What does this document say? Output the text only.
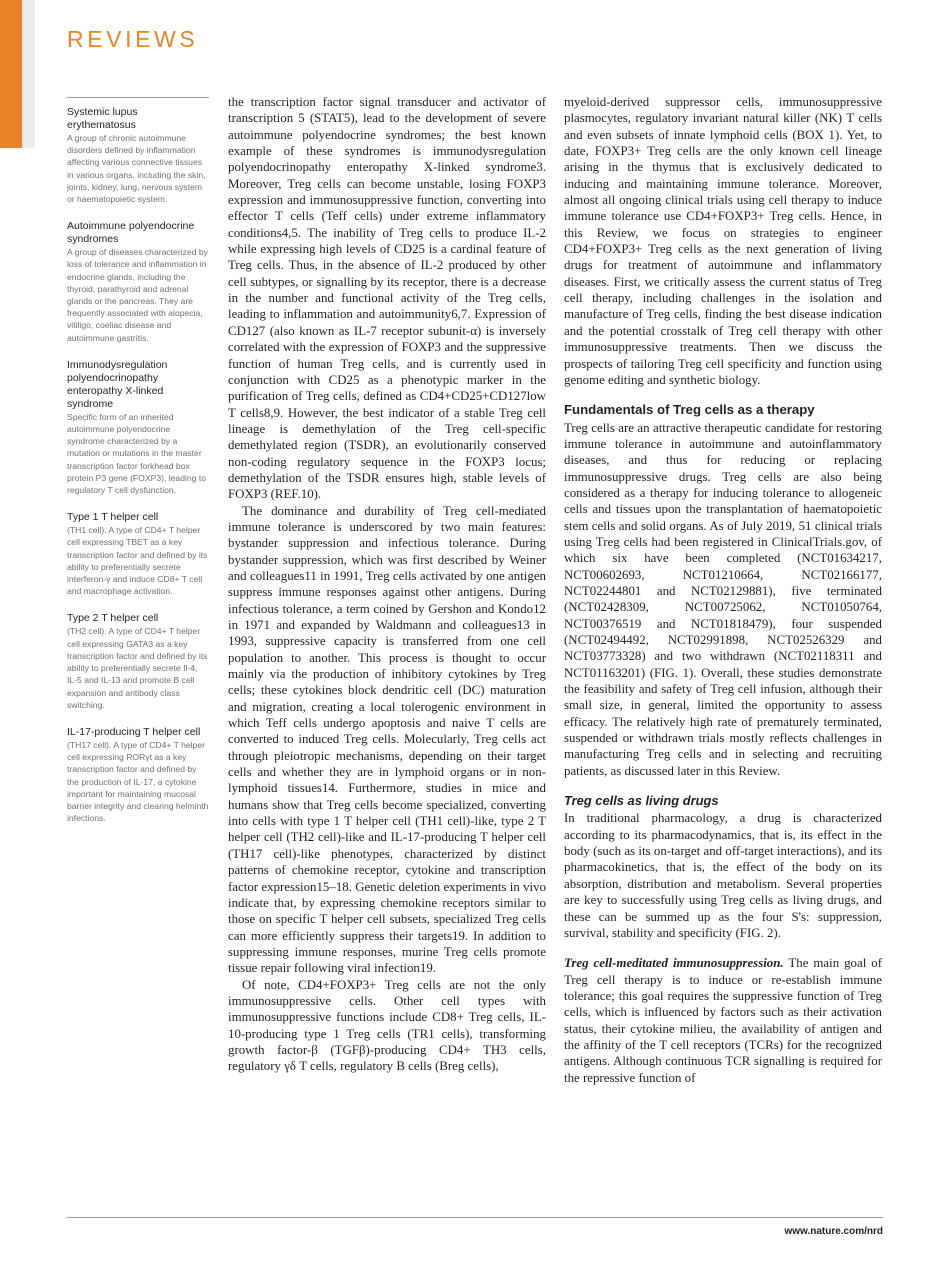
REVIEWS
Systemic lupus erythematosus
A group of chronic autoimmune disorders defined by inflammation affecting various connective tissues in various organs, including the skin, joints, kidney, lung, nervous system or haematopoietic system.
Autoimmune polyendocrine syndromes
A group of diseases characterized by loss of tolerance and inflammation in endocrine glands, including the thyroid, parathyroid and adrenal glands or the pancreas. They are frequently associated with alopecia, vitiligo, coeliac disease and autoimmune gastritis.
Immunodysregulation polyendocrinopathy enteropathy X-linked syndrome
Specific form of an inherited autoimmune polyendocrine syndrome characterized by a mutation or mutations in the master transcription factor forkhead box protein P3 gene (FOXP3), leading to regulatory T cell dysfunction.
Type 1 T helper cell
(TH1 cell). A type of CD4+ T helper cell expressing TBET as a key transcription factor and defined by its ability to preferentially secrete interferon-γ and induce CD8+ T cell and macrophage activation.
Type 2 T helper cell
(TH2 cell). A type of CD4+ T helper cell expressing GATA3 as a key transcription factor and defined by its ability to preferentially secrete Il-4, IL-5 and IL-13 and promote B cell expansion and antibody class switching.
IL-17-producing T helper cell
(TH17 cell). A type of CD4+ T helper cell expressing RORγt as a key transcription factor and defined by the production of IL-17, a cytokine important for maintaining mucosal barrier integrity and clearing helminth infections.

the transcription factor signal transducer and activator of transcription 5 (STAT5), lead to the development of severe autoimmune polyendocrine syndromes; the best known example of these syndromes is immunodysregulation polyendocrinopathy enteropathy X-linked syndrome3. Moreover, Treg cells can become unstable, losing FOXP3 expression and immunosuppressive function, converting into effector T cells (Teff cells) under extreme inflammatory conditions4,5. The inability of Treg cells to produce IL-2 while expressing high levels of CD25 is a cardinal feature of Treg cells. Thus, in the absence of IL-2 produced by other cell subtypes, or signalling by its receptor, there is a decrease in the number and functional activity of the Treg cells, leading to inflammation and autoimmunity6,7. Expression of CD127 (also known as IL-7 receptor subunit-α) is inversely correlated with the expression of FOXP3 and the suppressive function of human Treg cells, and is currently used in conjunction with CD25 as a phenotypic marker in the purification of Treg cells, defined as CD4+CD25+CD127low T cells8,9. However, the best indicator of a stable Treg cell lineage is demethylation of the Treg cell-specific demethylated region (TSDR), an evolutionarily conserved non-coding regulatory sequence in the FOXP3 locus; demethylation of the TSDR ensures high, stable levels of FOXP3 (REF.10).

The dominance and durability of Treg cell-mediated immune tolerance is underscored by two main features: bystander suppression and infectious tolerance. During bystander suppression, which was first described by Weiner and colleagues11 in 1991, Treg cells activated by one antigen suppress immune responses against other antigens. During infectious tolerance, a term coined by Gershon and Kondo12 in 1971 and expanded by Waldmann and colleagues13 in 1993, suppressive capacity is transferred from one cell population to another. This process is thought to occur mainly via the production of inhibitory cytokines by Treg cells; these cytokines block dendritic cell (DC) maturation and migration, creating a local tolerogenic environment in which Teff cells undergo apoptosis and naive T cells are converted to induced Treg cells. Molecularly, Treg cells act through pleiotropic mechanisms, depending on their target cells and whether they are in lymphoid organs or in non-lymphoid tissues14. Furthermore, studies in mice and humans show that Treg cells become specialized, converting into cells with type 1 T helper cell (TH1 cell)-like, type 2 T helper cell (TH2 cell)-like and IL-17-producing T helper cell (TH17 cell)-like phenotypes, characterized by distinct patterns of chemokine receptor, cytokine and transcription factor expression15–18. Genetic deletion experiments in vivo indicate that, by expressing chemokine receptors similar to those on specific T helper cell subsets, specialized Treg cells can more efficiently suppress their targets19. In addition to suppressing immune responses, murine Treg cells promote tissue repair following viral infection19.

Of note, CD4+FOXP3+ Treg cells are not the only immunosuppressive cells. Other cell types with immunosuppressive functions include CD8+ Treg cells, IL-10-producing type 1 Treg cells (TR1 cells), transforming growth factor-β (TGFβ)-producing CD4+ TH3 cells, regulatory γδ T cells, regulatory B cells (Breg cells),

myeloid-derived suppressor cells, immunosuppressive plasmocytes, regulatory invariant natural killer (NK) T cells and even subsets of innate lymphoid cells (BOX 1). Yet, to date, FOXP3+ Treg cells are the only known cell lineage arising in the thymus that is exclusively dedicated to inducing and maintaining immune tolerance. Moreover, almost all ongoing clinical trials using cell therapy to induce immune tolerance use CD4+FOXP3+ Treg cells. Hence, in this Review, we focus on strategies to engineer CD4+FOXP3+ Treg cells as the next generation of living drugs for treatment of autoimmune and inflammatory diseases. First, we critically assess the current status of Treg cell therapy, including challenges in the isolation and manufacture of Treg cells, finding the best disease indication and the potential crosstalk of Treg cell therapy with other immunosuppressive treatments. Then we discuss the prospects of tailoring Treg cell specificity and function using genome editing and synthetic biology.

Fundamentals of Treg cells as a therapy

Treg cells are an attractive therapeutic candidate for restoring immune tolerance in autoimmune and autoinflammatory diseases, and thus for reducing or replacing immunosuppressive drugs. Treg cells are also being considered as a therapy for inducing tolerance to allogeneic cells and tissues upon the transplantation of haematopoietic stem cells and solid organs. As of July 2019, 51 clinical trials using Treg cells had been registered in ClinicalTrials.gov, of which six have been completed (NCT01634217, NCT00602693, NCT01210664, NCT02166177, NCT02244801 and NCT02129881), five terminated (NCT02428309, NCT00725062, NCT01050764, NCT00376519 and NCT01818479), four suspended (NCT02494492, NCT02991898, NCT02526329 and NCT03773328) and two withdrawn (NCT02118311 and NCT01163201) (FIG. 1). Overall, these studies demonstrate the feasibility and safety of Treg cell infusion, although their small size, in general, limited the opportunity to assess efficacy. The relatively high rate of prematurely terminated, suspended or withdrawn trials mostly reflects challenges in manufacturing Treg cells and in selecting and recruiting patients, as discussed later in this Review.

Treg cells as living drugs

In traditional pharmacology, a drug is characterized according to its pharmacodynamics, that is, its effect in the body (such as its on-target and off-target interactions), and its pharmacokinetics, that is, the effect of the body on its absorption, distribution and metabolism. Several properties are key to successfully using Treg cells as living drugs, and these can be summed up as the four S's: suppression, survival, stability and specificity (FIG. 2).

Treg cell-meditated immunosuppression. The main goal of Treg cell therapy is to induce or re-establish immune tolerance; this goal requires the suppressive function of Treg cells, which is influenced by factors such as their activation status, their cytokine milieu, the availability of antigen and the affinity of the T cell receptors (TCRs) for the recognized antigens. Although continuous TCR signalling is required for the repressive function of

www.nature.com/nrd
